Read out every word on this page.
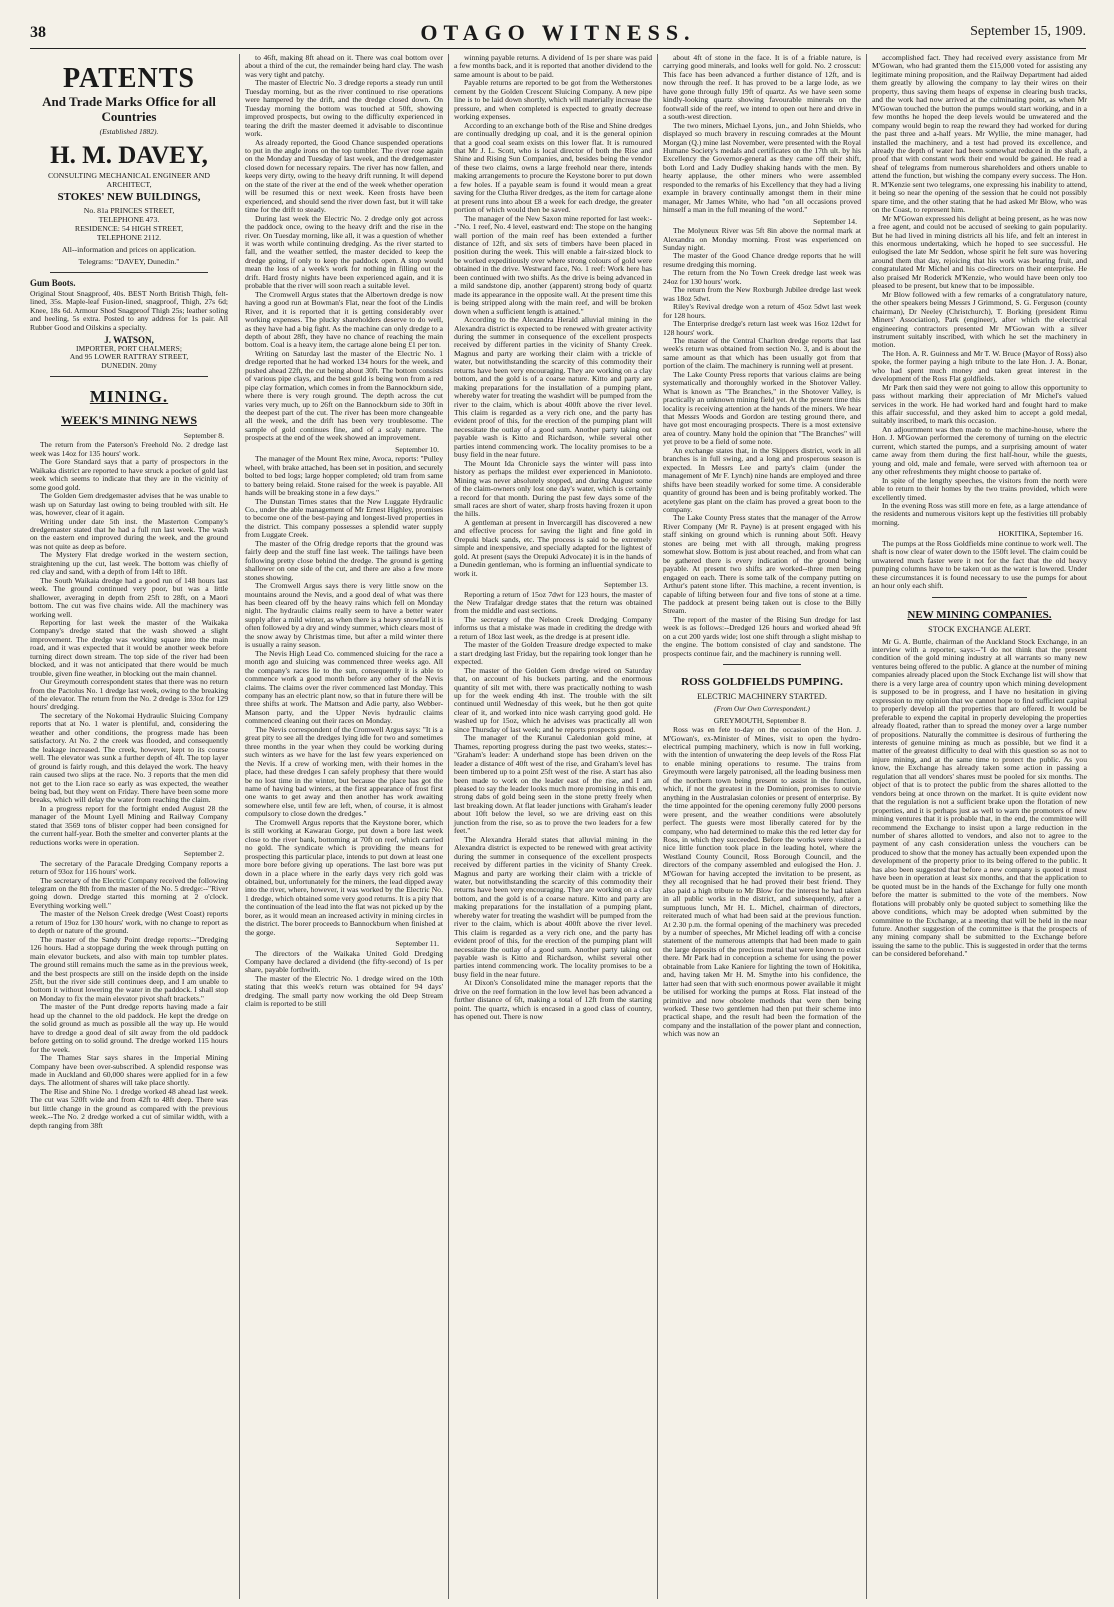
38	OTAGO WITNESS.	September 15, 1909.
PATENTS
And Trade Marks Office for all Countries
(Established 1882).
H. M. DAVEY,
CONSULTING MECHANICAL ENGINEER AND ARCHITECT,
STOKES' NEW BUILDINGS,
No. 81a PRINCES STREET,
TELEPHONE 473.
RESIDENCE: 54 HIGH STREET,
TELEPHONE 2112.
All--information and prices on application.
Telegrams: "DAVEY, Dunedin."
Gum Boots.

Original Stout Snagproof, 40s. BEST North British Thigh, felt-lined, 35s. Maple-leaf Fusion-lined, snagproof, Thigh, 27s 6d; Knee, 18s 6d. Armour Shod Snagproof Thigh 25s; leather soling and heeling, 5s extra. Posted to any address for 1s pair. All Rubber Good and Oilskins a specialty.

J. WATSON,
IMPORTER, PORT CHALMERS;
And 95 LOWER RATTRAY STREET,
DUNEDIN. 20my
MINING.
WEEK'S MINING NEWS
September 8.

The return from the Paterson's Freehold No. 2 dredge last week was 14oz for 135 hours' work.

The Gore Standard says that a party of prospectors in the Waikaka district are reported to have struck a pocket of gold last week which seems to indicate that they are in the vicinity of some good gold.

The Golden Gem dredgemaster advises that he was unable to wash up on Saturday last owing to being troubled with silt. He was, however, clear of it again.

Writing under date 5th inst. the Masterton Company's dredgemaster stated that he had a full run last week. The wash on the eastern end improved during the week, and the ground was not quite as deep as before.

The Mystery Flat dredge worked in the western section, straightening up the cut, last week. The bottom was chiefly of red clay and sand, with a depth of from 14ft to 18ft.

The South Waikaia dredge had a good run of 148 hours last week. The ground continued very poor, but was a little shallower, averaging in depth from 25ft to 28ft, on a Maori bottom. The cut was five chains wide. All the machinery was working well.

Reporting for last week the master of the Waikaka Company's dredge stated that the wash showed a slight improvement. The dredge was working square into the main road, and it was expected that it would be another week before turning direct down stream. The top side of the river had been blocked, and it was not anticipated that there would be much trouble, given fine weather, in blocking out the main channel.

Our Greymouth correspondent states that there was no return from the Pactolus No. 1 dredge last week, owing to the breaking of the elevator. The return from the No. 2 dredge is 33oz for 129 hours' dredging.

The secretary of the Nokomai Hydraulic Sluicing Company reports that at No. 1 water is plentiful, and, considering the weather and other conditions, the progress made has been satisfactory. At No. 2 the creek was flooded, and consequently the leakage increased. The creek, however, kept to its course well. The elevator was sunk a further depth of 4ft. The top layer of ground is fairly rough, and this delayed the work. The heavy rain caused two slips at the race. No. 3 reports that the men did not get to the Lion race so early as was expected, the weather being bad, but they went on Friday. There have been some more breaks, which will delay the water from reaching the claim.

In a progress report for the fortnight ended August 28 the manager of the Mount Lyell Mining and Railway Company stated that 3569 tons of blister copper had been consigned for the current half-year. Both the smelter and converter plants at the reductions works were in operation.

September 2.

The secretary of the Paracale Dredging Company reports a return of 93oz for 116 hours' work.

The secretary of the Electric Company received the following telegram on the 8th from the master of the No. 5 dredge:--"River going down. Dredge started this morning at 2 o'clock. Everything working well."

The master of the Nelson Creek dredge (West Coast) reports a return of 19oz for 130 hours' work, with no change to report as to depth or nature of the ground.

The master of the Sandy Point dredge reports:--"Dredging 126 hours. Had a stoppage during the week through putting on main elevator buckets, and also with main top tumbler plates. The ground still remains much the same as in the previous week, and the best prospects are still on the inside depth on the inside 25ft, but the river side still continues deep, and I am unable to bottom it without lowering the water in the paddock. I shall stop on Monday to fix the main elevator pivot shaft brackets."

The master of the Punt dredge reports having made a fair head up the channel to the old paddock. He kept the dredge on the solid ground as much as possible all the way up. He would have to dredge a good deal of silt away from the old paddock before getting on to solid ground. The dredge worked 115 hours for the week.

The Thames Star says shares in the Imperial Mining Company have been over-subscribed. A splendid response was made in Auckland and 60,000 shares were applied for in a few days. The allotment of shares will take place shortly.

The Rise and Shine No. 1 dredge worked 48 ahead last week. The cut was 520ft wide and from 42ft to 48ft deep. There was but little change in the ground as compared with the previous week.--The No. 2 dredge worked a cut of similar width, with a depth ranging from 38ft

to 46ft, making 8ft ahead on it. There was coal bottom over about a third of the cut, the remainder being hard clay. The wash was very tight and patchy.

The master of Electric No. 3 dredge reports a steady run until Tuesday morning, but as the river continued to rise operations were hampered by the drift, and the dredge closed down. On Tuesday morning the bottom was touched at 50ft, showing improved prospects, but owing to the difficulty experienced in tearing the drift the master deemed it advisable to discontinue work.

As already reported, the Good Chance suspended operations to put in the angle irons on the top tumbler. The river rose again on the Monday and Tuesday of last week, and the dredgemaster closed down for necessary repairs. The river has now fallen, and keeps very dirty, owing to the heavy drift running. It will depend on the state of the river at the end of the week whether operation will be resumed this or next week. Keen frosts have been experienced, and should send the river down fast, but it will take time for the drift to steady.

During last week the Electric No. 2 dredge only got across the paddock once, owing to the heavy drift and the rise in the river. On Tuesday morning, like all, it was a question of whether it was worth while continuing dredging. As the river started to fall, and the weather settled, the master decided to keep the dredge going, if only to keep the paddock open. A stop would mean the loss of a week's work for nothing in filling out the drift. Hard frosty nights have been experienced again, and it is probable that the river will soon reach a suitable level.

The Cromwell Argus states that the Albertown dredge is now having a good run at Bowman's Flat, near the foot of the Lindis River, and it is reported that it is getting considerably over working expenses. The plucky shareholders deserve to do well, as they have had a big fight. As the machine can only dredge to a depth of about 28ft, they have no chance of reaching the main bottom. Coal is a heavy item, the cartage alone being £1 per ton.

Writing on Saturday last the master of the Electric No. 1 dredge reported that he had worked 134 hours for the week, and pushed ahead 22ft, the cut being about 30ft. The bottom consists of various pipe clays, and the best gold is being won from a red pipe clay formation, which comes in from the Bannockburn side, where there is very rough ground. The depth across the cut varies very much, up to 26ft on the Bannockburn side to 30ft in the deepest part of the cut. The river has been more changeable all the week, and the drift has been very troublesome. The sample of gold continues fine, and of a scaly nature. The prospects at the end of the week showed an improvement.

September 10.

The manager of the Mount Rex mine, Avoca, reports: "Pulley wheel, with brake attached, has been set in position, and securely bolted to bed logs; large hopper completed; old tram from same to battery being relaid. Stone raised for the week is payable. All hands will be breaking stone in a few days."

The Dunstan Times states that the New Luggate Hydraulic Co., under the able management of Mr Ernest Highley, promises to become one of the best-paying and longest-lived properties in the district. This company possesses a splendid water supply from Luggate Creek.

The master of the Ofrig dredge reports that the ground was fairly deep and the stuff fine last week. The tailings have been following pretty close behind the dredge. The ground is getting shallower on one side of the cut, and there are also a few more stones showing.

The Cromwell Argus says there is very little snow on the mountains around the Nevis, and a good deal of what was there has been cleared off by the heavy rains which fell on Monday night. The hydraulic claims really seem to have a better water supply after a mild winter, as when there is a heavy snowfall it is often followed by a dry and windy summer, which clears most of the snow away by Christmas time, but after a mild winter there is usually a rainy season.

The Nevis High Lead Co. commenced sluicing for the race a month ago and sluicing was commenced three weeks ago. All the company's races lie to the sun, consequently it is able to commence work a good month before any other of the Nevis claims. The claims over the river commenced last Monday. This company has an electric plant now, so that in future there will be three shifts at work. The Mattson and Adie party, also Webber-Manson party, and the Upper Nevis hydraulic claims commenced cleaning out their races on Monday.

The Nevis correspondent of the Cromwell Argus says: "It is a great pity to see all the dredges lying idle for two and sometimes three months in the year when they could be working during such winters as we have for the last few years experienced on the Nevis. If a crew of working men, with their homes in the place, had these dredges I can safely prophesy that there would be no lost time in the winter, but because the place has got the name of having bad winters, at the first appearance of frost first one wants to get away and then another has work awaiting somewhere else, until few are left, when, of course, it is almost compulsory to close down the dredges."

The Cromwell Argus reports that the Keystone borer, which is still working at Kawarau Gorge, put down a bore last week close to the river bank, bottoming at 70ft on reef, which carried no gold. The syndicate which is providing the means for prospecting this particular place, intends to put down at least one more bore before giving up operations. The last bore was put down in a place where in the early days very rich gold was obtained, but, unfortunately for the miners, the lead dipped away into the river, where, however, it was worked by the Electric No. 1 dredge, which obtained some very good returns. It is a pity that the continuation of the lead into the flat was not picked up by the borer, as it would mean an increased activity in mining circles in the district. The borer proceeds to Bannockburn when finished at the gorge.

September 11.

The directors of the Waikaka United Gold Dredging Company have declared a dividend (the fifty-second) of 1s per share, payable forthwith.

The master of the Electric No. 1 dredge wired on the 10th stating that this week's return was obtained for 94 days' dredging. The small party now working the old Deep Stream claim is reported to be still

winning payable returns. A dividend of 1s per share was paid a few months back, and it is reported that another dividend to the same amount is about to be paid.

Payable returns are reported to be got from the Wetherstones cement by the Golden Crescent Sluicing Company. A new pipe line is to be laid down shortly, which will materially increase the pressure, and when completed is expected to greatly decrease working expenses.

According to an exchange both of the Rise and Shine dredges are continually dredging up coal, and it is the general opinion that a good coal seam exists on this lower flat. It is rumoured that Mr J. L. Scott, who is local director of both the Rise and Shine and Rising Sun Companies, and, besides being the vendor of these two claims, owns a large freehold near there, intends making arrangements to procure the Keystone borer to put down a few holes. If a payable seam is found it would mean a great saving for the Clutha River dredges, as the item for cartage alone at present runs into about £8 a week for each dredge, the greater portion of which would then be saved.

The manager of the New Saxon mine reported for last week:--"No. 1 reef, No. 4 level, eastward end: The stope on the hanging wall portion of the main reef has been extended a further distance of 12ft, and six sets of timbers have been placed in position during the week. This will enable a fair-sized block to be worked expeditiously over where strong colours of gold were obtained in the drive. Westward face, No. 1 reef: Work here has been continued with two shifts. As the drive is being advanced in a mild sandstone dip, another (apparent) strong body of quartz made its appearance in the opposite wall. At the present time this is being stripped along with the main reef, and will be broken down when a sufficient length is attained."

According to the Alexandra Herald alluvial mining in the Alexandra district is expected to be renewed with greater activity during the summer in consequence of the excellent prospects received by different parties in the vicinity of Shanty Creek. Magnus and party are working their claim with a trickle of water, but notwithstanding the scarcity of this commodity their returns have been very encouraging. They are working on a clay bottom, and the gold is of a coarse nature. Kitto and party are making preparations for the installation of a pumping plant, whereby water for treating the washdirt will be pumped from the river to the claim, which is about 400ft above the river level. This claim is regarded as a very rich one, and the party has evident proof of this, for the erection of the pumping plant will necessitate the outlay of a good sum. Another party taking out payable wash is Kitto and Richardson, while several other parties intend commencing work. The locality promises to be a busy field in the near future.

The Mount Ida Chronicle says the winter will pass into history as perhaps the mildest ever experienced in Maniototo. Mining was never absolutely stopped, and during August some of the claim-owners only lost one day's water, which is certainly a record for that month. During the past few days some of the small races are short of water, sharp frosts having frozen it upon the hills.

A gentleman at present in Invercargill has discovered a new and effective process for saving the light and fine gold in Orepuki black sands, etc. The process is said to be extremely simple and inexpensive, and specially adapted for the lightest of gold. At present (says the Orepuki Advocate) it is in the hands of a Dunedin gentleman, who is forming an influential syndicate to work it.

September 13.

Reporting a return of 15oz 7dwt for 123 hours, the master of the New Trafalgar dredge states that the return was obtained from the middle and east sections.

The secretary of the Nelson Creek Dredging Company informs us that a mistake was made in crediting the dredge with a return of 18oz last week, as the dredge is at present idle.

The master of the Golden Treasure dredge expected to make a start dredging last Friday, but the repairing took longer than he expected.

The master of the Golden Gem dredge wired on Saturday that, on account of his buckets parting, and the enormous quantity of silt met with, there was practically nothing to wash up for the week ending 4th inst. The trouble with the silt continued until Wednesday of this week, but he then got quite clear of it, and worked into nice wash carrying good gold. He washed up for 15oz, which he advises was practically all won since Thursday of last week; and he reports prospects good.

The manager of the Kuranui Caledonian gold mine, at Thames, reporting progress during the past two weeks, states:--"Graham's leader: A underhand stope has been driven on the leader a distance of 40ft west of the rise, and Graham's level has been timbered up to a point 25ft west of the rise. A start has also been made to work on the leader east of the rise, and I am pleased to say the leader looks much more promising in this end, strong dabs of gold being seen in the stone pretty freely when last breaking down. At flat leader junctions with Graham's leader about 10ft below the level, so we are driving east on this junction from the rise, so as to prove the two leaders for a few feet."

The Alexandra Herald states that alluvial mining in the Alexandra district is expected to be renewed with great activity during the summer in consequence of the excellent prospects received by different parties in the vicinity of Shanty Creek. Magnus and party are working their claim with a trickle of water, but notwithstanding the scarcity of this commodity their returns have been very encouraging. They are working on a clay bottom, and the gold is of a coarse nature. Kitto and party are making preparations for the installation of a pumping plant, whereby water for treating the washdirt will be pumped from the river to the claim, which is about 400ft above the river level. This claim is regarded as a very rich one, and the party has evident proof of this, for the erection of the pumping plant will necessitate the outlay of a good sum. Another party taking out payable wash is Kitto and Richardson, whilst several other parties intend commencing work. The locality promises to be a busy field in the near future.

At Dixon's Consolidated mine the manager reports that the drive on the reef formation in the low level has been advanced a further distance of 6ft, making a total of 12ft from the starting point. The quartz, which is encased in a good class of country, has opened out. There is now

about 4ft of stone in the face. It is of a friable nature, is carrying good minerals, and looks well for gold. No. 2 crosscut: This face has been advanced a further distance of 12ft, and is now through the reef. It has proved to be a large lode, as we have gone through fully 19ft of quartz. As we have seen some kindly-looking quartz showing favourable minerals on the footwall side of the reef, we intend to open out here and drive in a south-west direction.

The two miners, Michael Lyons, jun., and John Shields, who displayed so much bravery in rescuing comrades at the Mount Morgan (Q.) mine last November, were presented with the Royal Humane Society's medals and certificates on the 17th ult. by his Excellency the Governor-general as they came off their shift, both Lord and Lady Dudley shaking hands with the men. By hearty applause, the other miners who were assembled responded to the remarks of his Excellency that they had a living example in bravery continually amongst them in their mine manager, Mr James White, who had "on all occasions proved himself a man in the full meaning of the word."

September 14.

The Molyneux River was 5ft 8in above the normal mark at Alexandra on Monday morning. Frost was experienced on Sunday night.

The master of the Good Chance dredge reports that he will resume dredging this morning.

The return from the No Town Creek dredge last week was 24oz for 130 hours' work.

The return from the New Roxburgh Jubilee dredge last week was 18oz 5dwt.

Riley's Revival dredge won a return of 45oz 5dwt last week for 128 hours.

The Enterprise dredge's return last week was 16oz 12dwt for 128 hours' work.

The master of the Central Charlton dredge reports that last week's return was obtained from section No. 3, and is about the same amount as that which has been usually got from that portion of the claim. The machinery is running well at present.

The Lake County Press reports that various claims are being systematically and thoroughly worked in the Shotover Valley. What is known as "The Branches," in the Shotover Valley, is practically an unknown mining field yet. At the present time this locality is receiving attention at the hands of the miners. We hear that Messrs Woods and Gordon are testing ground there, and have got most encouraging prospects. There is a most extensive area of country. Many hold the opinion that "The Branches" will yet prove to be a field of some note.

An exchange states that, in the Skippers district, work in all branches is in full swing, and a long and prosperous season is expected. In Messrs Lee and party's claim (under the management of Mr F. Lynch) nine hands are employed and three shifts have been steadily worked for some time. A considerable quantity of ground has been and is being profitably worked. The acetylene gas plant on the claim has proved a great boon to the company.

The Lake County Press states that the manager of the Arrow River Company (Mr R. Payne) is at present engaged with his staff sinking on ground which is running about 50ft. Heavy stones are being met with all through, making progress somewhat slow. Bottom is just about reached, and from what can be gathered there is every indication of the ground being payable. At present two shifts are worked--three men being engaged on each. There is some talk of the company putting on Arthur's patent stone lifter. This machine, a recent invention, is capable of lifting between four and five tons of stone at a time. The paddock at present being taken out is close to the Billy Stream.

The report of the master of the Rising Sun dredge for last week is as follows:--Dredged 126 hours and worked ahead 9ft on a cut 200 yards wide; lost one shift through a slight mishap to the engine. The bottom consisted of clay and sandstone. The prospects continue fair, and the machinery is running well.

ROSS GOLDFIELDS PUMPING.
ELECTRIC MACHINERY STARTED.
(From Our Own Correspondent.)
GREYMOUTH, September 8.

Ross was en fete to-day on the occasion of the Hon. J. M'Gowan's, ex-Minister of Mines, visit to open the hydro-electrical pumping machinery, which is now in full working, with the intention of unwatering the deep levels of the Ross Flat to enable mining operations to resume. The trains from Greymouth were largely patronised, all the leading business men of the northern town being present to assist in the function, which, if not the greatest in the Dominion, promises to outvie anything in the Australasian colonies or present of enterprise. By the time appointed for the opening ceremony fully 2000 persons were present, and the weather conditions were absolutely perfect. The guests were most liberally catered for by the company, who had determined to make this the red letter day for Ross, in which they succeeded. Before the works were visited a nice little function took place in the leading hotel, where the Westland County Council, Ross Borough Council, and the directors of the company assembled and eulogised the Hon. J. M'Gowan for having accepted the invitation to be present, as they all recognised that he had proved their best friend. They also paid a high tribute to Mr Blow for the interest he had taken in all public works in the district, and subsequently, after a sumptuous lunch, Mr H. L. Michel, chairman of directors, reiterated much of what had been said at the previous function. At 2.30 p.m. the formal opening of the machinery was preceded by a number of speeches, Mr Michel leading off with a concise statement of the numerous attempts that had been made to gain the large deposits of the precious metal that were known to exist there. Mr Park had in conception a scheme for using the power obtainable from Lake Kaniere for lighting the town of Hokitika, and, having taken Mr H. M. Smythe into his confidence, the latter had seen that with such enormous power available it might be utilised for working the pumps at Ross. Flat instead of the primitive and now obsolete methods that were then being worked. These two gentlemen had then put their scheme into practical shape, and the result had been the formation of the company and the installation of the power plant and connection, which was now an

accomplished fact. They had received every assistance from Mr M'Gowan, who had granted them the £15,000 voted for assisting any legitimate mining proposition, and the Railway Department had aided them greatly by allowing the company to lay their wires on their property, thus saving them heaps of expense in clearing bush tracks, and the work had now arrived at the culminating point, as when Mr M'Gowan touched the button the pumps would start working, and in a few months he hoped the deep levels would be unwatered and the company would begin to reap the reward they had worked for during the past three and a-half years. Mr Wyllie, the mine manager, had installed the machinery, and a test had proved its excellence, and already the depth of water had been somewhat reduced in the shaft, a proof that with constant work their end would be gained. He read a sheaf of telegrams from numerous shareholders and others unable to attend the function, but wishing the company every success. The Hon. R. M'Kenzie sent two telegrams, one expressing his inability to attend, it being so near the opening of the session that he could not possibly spare time, and the other stating that he had asked Mr Blow, who was on the Coast, to represent him.

Mr M'Gowan expressed his delight at being present, as he was now a free agent, and could not be accused of seeking to gain popularity. But he had lived in mining districts all his life, and felt an interest in this enormous undertaking, which he hoped to see successful. He eulogised the late Mr Seddon, whose spirit he felt sure was hovering around them that day, rejoicing that his work was bearing fruit, and congratulated Mr Michel and his co-directors on their enterprise. He also praised Mr Roderick M'Kenzie, who would have been only too pleased to be present, but knew that to be impossible.

Mr Blow followed with a few remarks of a congratulatory nature, the other speakers being Messrs J Grimmond, S. G. Ferguson (county chairman), Dr Neeley (Christchurch), T. Borking (president Rimu Miners' Association), Park (engineer), after which the electrical engineering contractors presented Mr M'Gowan with a silver instrument suitably inscribed, with which he set the machinery in motion.

The Hon. A. R. Guinness and Mr T. W. Bruce (Mayor of Ross) also spoke, the former paying a high tribute to the late Hon. J. A. Bonar, who had spent much money and taken great interest in the development of the Ross Flat goldfields.

Mr Park then said they were not going to allow this opportunity to pass without marking their appreciation of Mr Michel's valued services in the work. He had worked hard and fought hard to make this affair successful, and they asked him to accept a gold medal, suitably inscribed, to mark this occasion.

An adjournment was then made to the machine-house, where the Hon. J. M'Gowan performed the ceremony of turning on the electric current, which started the pumps, and a surprising amount of water came away from them during the first half-hour, while the guests, young and old, male and female, were served with afternoon tea or any other refreshments they might choose to partake of.

In spite of the lengthy speeches, the visitors from the north were able to return to their homes by the two trains provided, which were excellently timed.

In the evening Ross was still more en fete, as a large attendance of the residents and numerous visitors kept up the festivities till probably morning.

HOKITIKA, September 16.

The pumps at the Ross Goldfields mine continue to work well. The shaft is now clear of water down to the 150ft level. The claim could be unwatered much faster were it not for the fact that the old heavy pumping columns have to be taken out as the water is lowered. Under these circumstances it is found necessary to use the pumps for about an hour only each shift.

NEW MINING COMPANIES.
STOCK EXCHANGE ALERT.

Mr G. A. Buttle, chairman of the Auckland Stock Exchange, in an interview with a reporter, says:--"I do not think that the present condition of the gold mining industry at all warrants so many new ventures being offered to the public. A glance at the number of mining companies already placed upon the Stock Exchange list will show that there is a very large area of country upon which mining development is supposed to be in progress, and I have no hesitation in giving expression to my opinion that we cannot hope to find sufficient capital to properly develop all the properties that are offered. It would be preferable to expend the capital in properly developing the properties already floated, rather than to spread the money over a large number of propositions. Naturally the committee is desirous of furthering the interests of genuine mining as much as possible, but we find it a matter of the greatest difficulty to deal with this question so as not to injure mining, and at the same time to protect the public. As you know, the Exchange has already taken some action in passing a regulation that all vendors' shares must be pooled for six months. The object of that is to protect the public from the shares allotted to the vendors being at once thrown on the market. It is quite evident now that the regulation is not a sufficient brake upon the flotation of new properties, and it is perhaps just as well to warn the promoters of new mining ventures that it is probable that, in the end, the committee will recommend the Exchange to insist upon a large reduction in the number of shares allotted to vendors, and also not to agree to the payment of any cash consideration unless the vouchers can be produced to show that the money has actually been expended upon the development of the property prior to its being offered to the public. It has also been suggested that before a new company is quoted it must have been in operation at least six months, and that the application to be quoted must be in the hands of the Exchange for fully one month before the matter is submitted to the vote of the members. Now flotations will probably only be quoted subject to something like the above conditions, which may be adopted when submitted by the committee to the Exchange, at a meeting that will be held in the near future. Another suggestion of the committee is that the prospects of any mining company shall be submitted to the Exchange before issuing the same to the public. This is suggested in order that the terms can be considered beforehand."
